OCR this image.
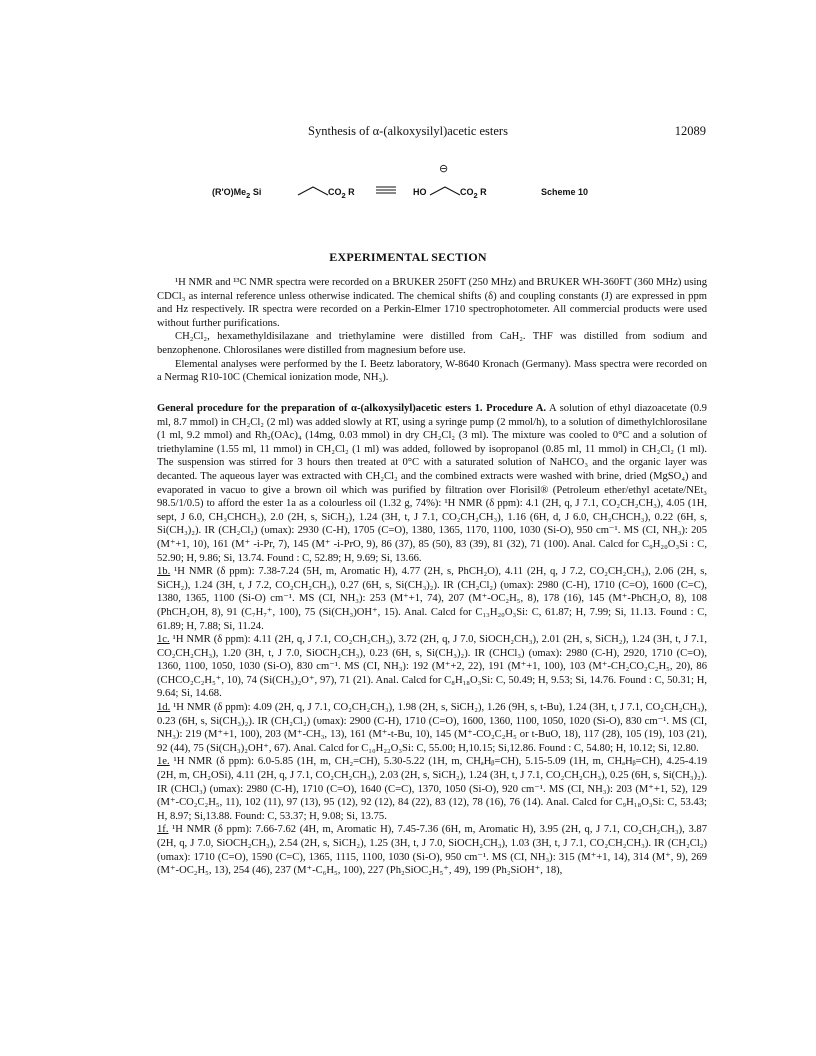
Synthesis of α-(alkoxysilyl)acetic esters	12089
$(R'O)Me_2$ Si	$CO_2$ R	HO
⊖
$CO_2$ R	Scheme 10
EXPERIMENTAL SECTION

¹H NMR and ¹³C NMR spectra were recorded on a BRUKER 250FT (250 MHz) and BRUKER WH-360FT (360 MHz) using CDCl₃ as internal reference unless otherwise indicated. The chemical shifts (δ) and coupling constants (J) are expressed in ppm and Hz respectively. IR spectra were recorded on a Perkin-Elmer 1710 spectrophotometer. All commercial products were used without further purifications.

CH₂Cl₂, hexamethyldisilazane and triethylamine were distilled from CaH₂. THF was distilled from sodium and benzophenone. Chlorosilanes were distilled from magnesium before use.

Elemental analyses were performed by the I. Beetz laboratory, W-8640 Kronach (Germany). Mass spectra were recorded on a Nermag R10-10C (Chemical ionization mode, NH₃).

General procedure for the preparation of α-(alkoxysilyl)acetic esters 1. Procedure A. A solution of ethyl diazoacetate (0.9 ml, 8.7 mmol) in CH₂Cl₂ (2 ml) was added slowly at RT, using a syringe pump (2 mmol/h), to a solution of dimethylchlorosilane (1 ml, 9.2 mmol) and Rh₂(OAc)₄ (14mg, 0.03 mmol) in dry CH₂Cl₂ (3 ml). The mixture was cooled to 0°C and a solution of triethylamine (1.55 ml, 11 mmol) in CH₂Cl₂ (1 ml) was added, followed by isopropanol (0.85 ml, 11 mmol) in CH₂Cl₂ (1 ml). The suspension was stirred for 3 hours then treated at 0°C with a saturated solution of NaHCO₃ and the organic layer was decanted. The aqueous layer was extracted with CH₂Cl₂ and the combined extracts were washed with brine, dried (MgSO₄) and evaporated in vacuo to give a brown oil which was purified by filtration over Florisil® (Petroleum ether/ethyl acetate/NEt₃ 98.5/1/0.5) to afford the ester 1a as a colourless oil (1.32 g, 74%): ¹H NMR (δ ppm): 4.1 (2H, q, J 7.1, CO₂CH₂CH₃), 4.05 (1H, sept, J 6.0, CH₃CHCH₃), 2.0 (2H, s, SiCH₂), 1.24 (3H, t, J 7.1, CO₂CH₂CH₃), 1.16 (6H, d, J 6.0, CH₃CHCH₃), 0.22 (6H, s, Si(CH₃)₂). IR (CH₂Cl₂) (υmax): 2930 (C-H), 1705 (C=O), 1380, 1365, 1170, 1100, 1030 (Si-O), 950 cm⁻¹. MS (CI, NH₃): 205 (M⁺+1, 10), 161 (M⁺ -i-Pr, 7), 145 (M⁺ -i-PrO, 9), 86 (37), 85 (50), 83 (39), 81 (32), 71 (100). Anal. Calcd for C₉H₂₀O₃Si : C, 52.90; H, 9.86; Si, 13.74. Found : C, 52.89; H, 9.69; Si, 13.66.

1b. ¹H NMR (δ ppm): 7.38-7.24 (5H, m, Aromatic H), 4.77 (2H, s, PhCH₂O), 4.11 (2H, q, J 7.2, CO₂CH₂CH₃), 2.06 (2H, s, SiCH₂), 1.24 (3H, t, J 7.2, CO₂CH₂CH₃), 0.27 (6H, s, Si(CH₃)₂). IR (CH₂Cl₂) (υmax): 2980 (C-H), 1710 (C=O), 1600 (C=C), 1380, 1365, 1100 (Si-O) cm⁻¹. MS (CI, NH₃): 253 (M⁺+1, 74), 207 (M⁺-OC₂H₅, 8), 178 (16), 145 (M⁺-PhCH₂O, 8), 108 (PhCH₂OH, 8), 91 (C₇H₇⁺, 100), 75 (Si(CH₃)OH⁺, 15). Anal. Calcd for C₁₃H₂₀O₃Si: C, 61.87; H, 7.99; Si, 11.13. Found : C, 61.89; H, 7.88; Si, 11.24.

1c. ¹H NMR (δ ppm): 4.11 (2H, q, J 7.1, CO₂CH₂CH₃), 3.72 (2H, q, J 7.0, SiOCH₂CH₃), 2.01 (2H, s, SiCH₂), 1.24 (3H, t, J 7.1, CO₂CH₂CH₃), 1.20 (3H, t, J 7.0, SiOCH₂CH₃), 0.23 (6H, s, Si(CH₃)₂). IR (CHCl₃) (υmax): 2980 (C-H), 2920, 1710 (C=O), 1360, 1100, 1050, 1030 (Si-O), 830 cm⁻¹. MS (CI, NH₃): 192 (M⁺+2, 22), 191 (M⁺+1, 100), 103 (M⁺-CH₂CO₂C₂H₅, 20), 86 (CHCO₂C₂H₅⁺, 10), 74 (Si(CH₃)₂O⁺, 97), 71 (21). Anal. Calcd for C₈H₁₈O₃Si: C, 50.49; H, 9.53; Si, 14.76. Found : C, 50.31; H, 9.64; Si, 14.68.

1d. ¹H NMR (δ ppm): 4.09 (2H, q, J 7.1, CO₂CH₂CH₃), 1.98 (2H, s, SiCH₂), 1.26 (9H, s, t-Bu), 1.24 (3H, t, J 7.1, CO₂CH₂CH₃), 0.23 (6H, s, Si(CH₃)₂). IR (CH₂Cl₂) (υmax): 2900 (C-H), 1710 (C=O), 1600, 1360, 1100, 1050, 1020 (Si-O), 830 cm⁻¹. MS (CI, NH₃): 219 (M⁺+1, 100), 203 (M⁺-CH₃, 13), 161 (M⁺-t-Bu, 10), 145 (M⁺-CO₂C₂H₅ or t-BuO, 18), 117 (28), 105 (19), 103 (21), 92 (44), 75 (Si(CH₃)₂OH⁺, 67). Anal. Calcd for C₁₀H₂₂O₃Si: C, 55.00; H,10.15; Si,12.86. Found : C, 54.80; H, 10.12; Si, 12.80.

1e. ¹H NMR (δ ppm): 6.0-5.85 (1H, m, CH₂=CH), 5.30-5.22 (1H, m, CHₐHᵦ=CH), 5.15-5.09 (1H, m, CHₐHᵦ=CH), 4.25-4.19 (2H, m, CH₂OSi), 4.11 (2H, q, J 7.1, CO₂CH₂CH₃), 2.03 (2H, s, SiCH₂), 1.24 (3H, t, J 7.1, CO₂CH₂CH₃), 0.25 (6H, s, Si(CH₃)₂). IR (CHCl₃) (υmax): 2980 (C-H), 1710 (C=O), 1640 (C=C), 1370, 1050 (Si-O), 920 cm⁻¹. MS (CI, NH₃): 203 (M⁺+1, 52), 129 (M⁺-CO₂C₂H₅, 11), 102 (11), 97 (13), 95 (12), 92 (12), 84 (22), 83 (12), 78 (16), 76 (14). Anal. Calcd for C₉H₁₈O₃Si: C, 53.43; H, 8.97; Si,13.88. Found: C, 53.37; H, 9.08; Si, 13.75.

1f. ¹H NMR (δ ppm): 7.66-7.62 (4H, m, Aromatic H), 7.45-7.36 (6H, m, Aromatic H), 3.95 (2H, q, J 7.1, CO₂CH₂CH₃), 3.87 (2H, q, J 7.0, SiOCH₂CH₃), 2.54 (2H, s, SiCH₂), 1.25 (3H, t, J 7.0, SiOCH₂CH₃), 1.03 (3H, t, J 7.1, CO₂CH₂CH₃). IR (CH₂Cl₂) (υmax): 1710 (C=O), 1590 (C=C), 1365, 1115, 1100, 1030 (Si-O), 950 cm⁻¹. MS (CI, NH₃): 315 (M⁺+1, 14), 314 (M⁺, 9), 269 (M⁺-OC₂H₅, 13), 254 (46), 237 (M⁺-C₆H₅, 100), 227 (Ph₂SiOC₂H₅⁺, 49), 199 (Ph₂SiOH⁺, 18),
